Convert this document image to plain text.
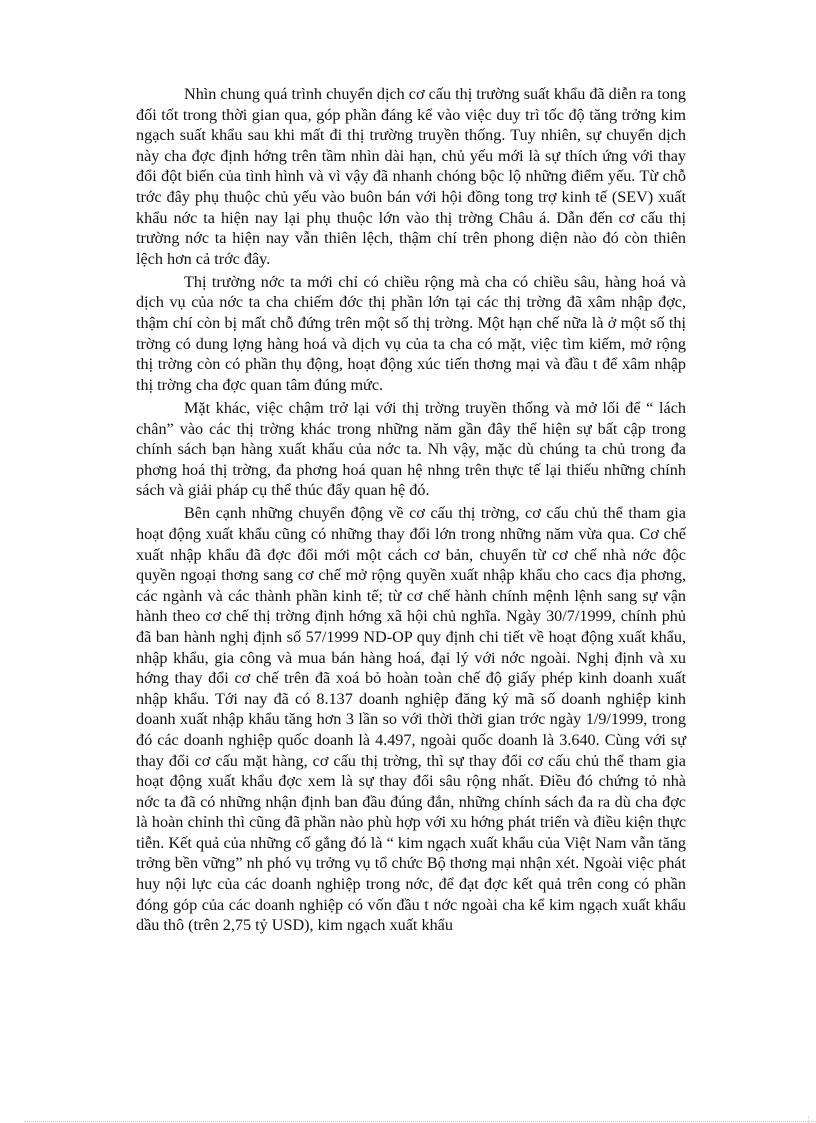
Nhìn chung quá trình chuyển dịch cơ cấu thị trường suất khẩu đã diễn ra tong đối tốt trong thời gian qua, góp phần đáng kể vào việc duy trì tốc độ tăng trởng kim ngạch suất khẩu sau khi mất đi thị trường truyền thống. Tuy nhiên, sự chuyển dịch này cha đợc định hớng trên tầm nhìn dài hạn, chủ yếu mới là sự thích ứng với thay đổi đột biến của tình hình và vì vậy đã nhanh chóng bộc lộ những điểm yếu. Từ chỗ trớc đây phụ thuộc chủ yếu vào buôn bán với hội đồng tong trợ kinh tế (SEV) xuất khẩu nớc ta hiện nay lại phụ thuộc lớn vào thị trờng Châu á. Dẫn đến cơ cấu thị trường nớc ta hiện nay vẫn thiên lệch, thậm chí trên phong diện nào đó còn thiên lệch hơn cả trớc đây.

Thị trường nớc ta mới chỉ có chiều rộng mà cha có chiều sâu, hàng hoá và dịch vụ của nớc ta cha chiếm đớc thị phần lớn tại các thị trờng đã xâm nhập đợc, thậm chí còn bị mất chỗ đứng trên một số thị trờng. Một hạn chế nữa là ở một số thị trờng có dung lợng hàng hoá và dịch vụ của ta cha có mặt, việc tìm kiếm, mở rộng thị trờng còn có phần thụ động, hoạt động xúc tiến thơng mại và đầu t để xâm nhập thị trờng cha đợc quan tâm đúng mức.

Mặt khác, việc chậm trở lại với thị trờng truyền thống và mở lối để “ lách chân” vào các thị trờng khác trong những năm gần đây thể hiện sự bất cập trong chính sách bạn hàng xuất khẩu của nớc ta. Nh vậy, mặc dù chúng ta chủ trong đa phơng hoá thị trờng, đa phơng hoá quan hệ nhng trên thực tế lại thiếu những chính sách và giải pháp cụ thể thúc đẩy quan hệ đó.

Bên cạnh những chuyển động về cơ cấu thị trờng, cơ cấu chủ thể tham gia hoạt động xuất khẩu cũng có những thay đổi lớn trong những năm vừa qua. Cơ chế xuất nhập khẩu đã đợc đổi mới một cách cơ bản, chuyển từ cơ chế nhà nớc độc quyền ngoại thơng sang cơ chế mở rộng quyền xuất nhập khẩu cho cacs địa phơng, các ngành và các thành phần kinh tế; từ cơ chế hành chính mệnh lệnh sang sự vận hành theo cơ chế thị trờng định hớng xã hội chủ nghĩa. Ngày 30/7/1999, chính phủ đã ban hành nghị định số 57/1999 ND-OP quy định chi tiết về hoạt động xuất khẩu, nhập khẩu, gia công và mua bán hàng hoá, đại lý với nớc ngoài. Nghị định và xu hớng thay đổi cơ chế trên đã xoá bỏ hoàn toàn chế độ giấy phép kinh doanh xuất nhập khẩu. Tới nay đã có 8.137 doanh nghiệp đăng ký mã số doanh nghiệp kinh doanh xuất nhập khẩu tăng hơn 3 lần so với thời thời gian trớc ngày 1/9/1999, trong đó các doanh nghiệp quốc doanh là 4.497, ngoài quốc doanh là 3.640. Cùng với sự thay đổi cơ cấu mặt hàng, cơ cấu thị trờng, thì sự thay đổi cơ cấu chủ thể tham gia hoạt động xuất khẩu đợc xem là sự thay đổi sâu rộng nhất. Điều đó chứng tỏ nhà nớc ta đã có những nhận định ban đầu đúng đắn, những chính sách đa ra dù cha đợc là hoàn chỉnh thì cũng đã phần nào phù hợp với xu hớng phát triển và điều kiện thực tiễn. Kết quả của những cố gắng đó là “ kim ngạch xuất khẩu của Việt Nam vẫn tăng trởng bền vững” nh phó vụ trởng vụ tổ chức Bộ thơng mại nhận xét. Ngoài việc phát huy nội lực của các doanh nghiệp trong nớc, để đạt đợc kết quả trên cong có phần đóng góp của các doanh nghiệp có vốn đầu t nớc ngoài cha kể kim ngạch xuất khẩu dầu thô (trên 2,75 tỷ USD), kim ngạch xuất khẩu
